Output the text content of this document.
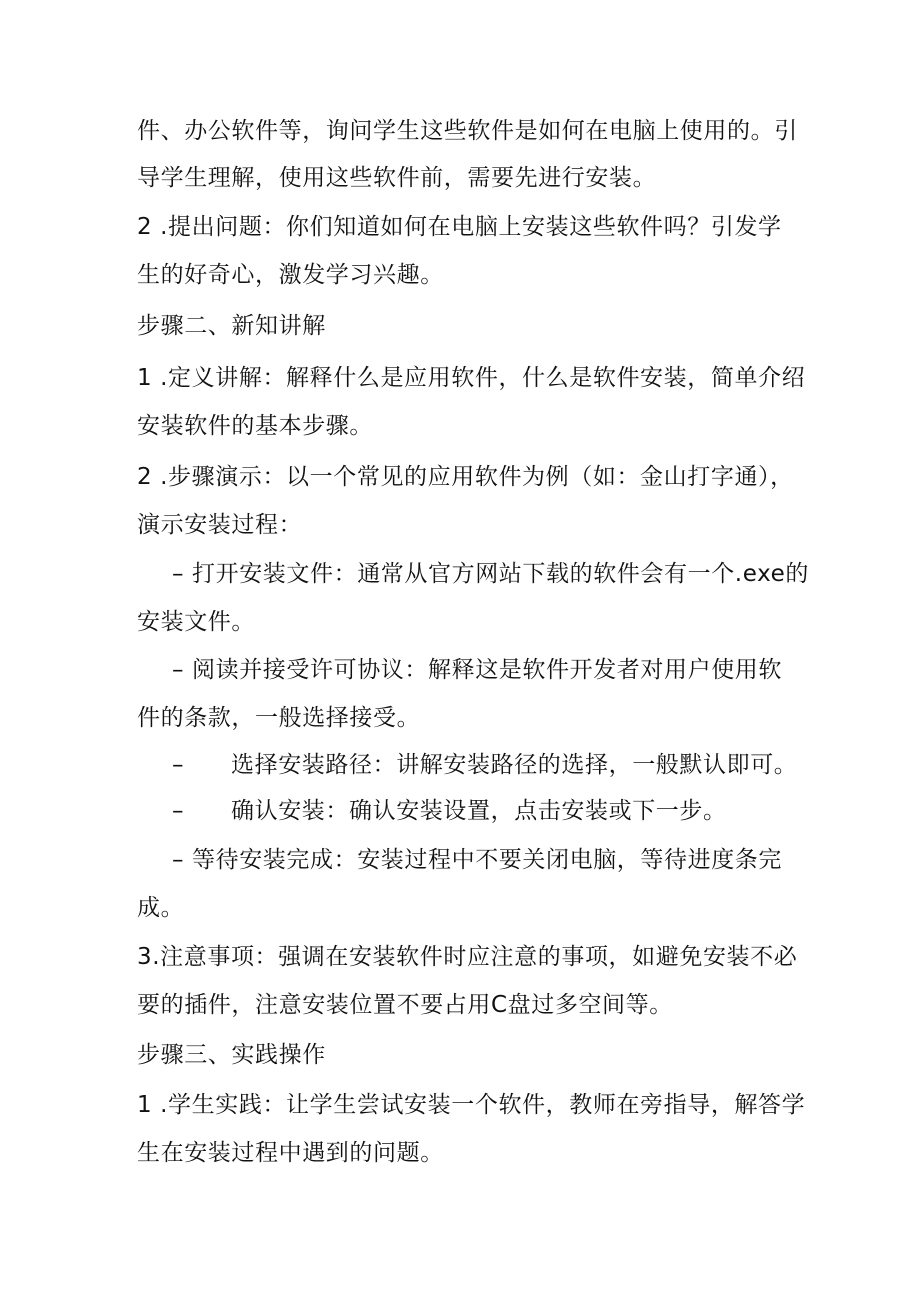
件、办公软件等，询问学生这些软件是如何在电脑上使用的。引
导学生理解，使用这些软件前，需要先进行安装。
2 .提出问题：你们知道如何在电脑上安装这些软件吗？引发学
生的好奇心，激发学习兴趣。
步骤二、新知讲解
1 .定义讲解：解释什么是应用软件，什么是软件安装，简单介绍
安装软件的基本步骤。
2 .步骤演示：以一个常见的应用软件为例（如：金山打字通），
演示安装过程：
– 打开安装文件：通常从官方网站下载的软件会有一个.exe的
安装文件。
– 阅读并接受许可协议：解释这是软件开发者对用户使用软
件的条款，一般选择接受。
– 选择安装路径：讲解安装路径的选择，一般默认即可。
– 确认安装：确认安装设置，点击安装或下一步。
– 等待安装完成：安装过程中不要关闭电脑，等待进度条完
成。
3.注意事项：强调在安装软件时应注意的事项，如避免安装不必
要的插件，注意安装位置不要占用C盘过多空间等。
步骤三、实践操作
1 .学生实践：让学生尝试安装一个软件，教师在旁指导，解答学
生在安装过程中遇到的问题。
